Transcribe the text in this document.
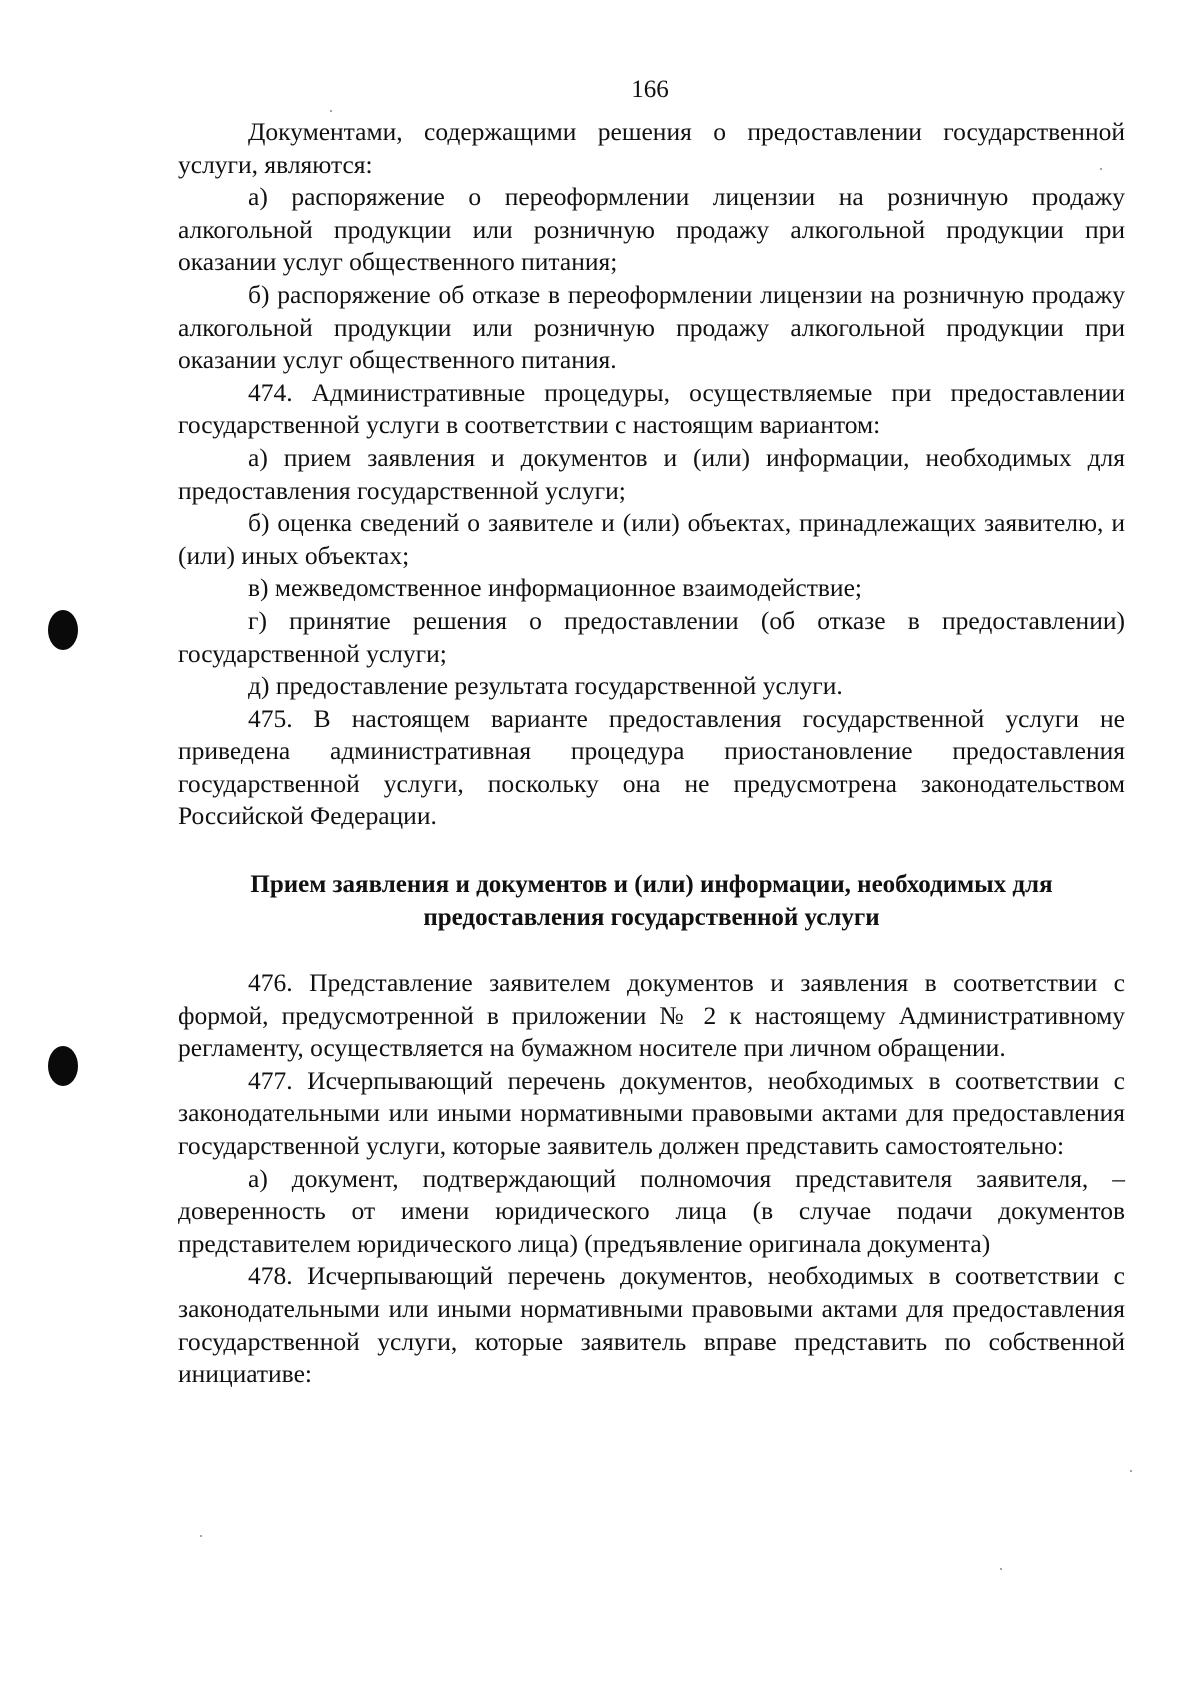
166

Документами, содержащими решения о предоставлении государственной услуги, являются:

а) распоряжение о переоформлении лицензии на розничную продажу алкогольной продукции или розничную продажу алкогольной продукции при оказании услуг общественного питания;

б) распоряжение об отказе в переоформлении лицензии на розничную продажу алкогольной продукции или розничную продажу алкогольной продукции при оказании услуг общественного питания.

474. Административные процедуры, осуществляемые при предоставлении государственной услуги в соответствии с настоящим вариантом:

а) прием заявления и документов и (или) информации, необходимых для предоставления государственной услуги;

б) оценка сведений о заявителе и (или) объектах, принадлежащих заявителю, и (или) иных объектах;

в) межведомственное информационное взаимодействие;

г) принятие решения о предоставлении (об отказе в предоставлении) государственной услуги;

д) предоставление результата государственной услуги.

475. В настоящем варианте предоставления государственной услуги не приведена административная процедура приостановление предоставления государственной услуги, поскольку она не предусмотрена законодательством Российской Федерации.

Прием заявления и документов и (или) информации, необходимых для
предоставления государственной услуги

476. Представление заявителем документов и заявления в соответствии с формой, предусмотренной в приложении № 2 к настоящему Административному регламенту, осуществляется на бумажном носителе при личном обращении.

477. Исчерпывающий перечень документов, необходимых в соответствии с законодательными или иными нормативными правовыми актами для предоставления государственной услуги, которые заявитель должен представить самостоятельно:

а) документ, подтверждающий полномочия представителя заявителя, – доверенность от имени юридического лица (в случае подачи документов представителем юридического лица) (предъявление оригинала документа)

478. Исчерпывающий перечень документов, необходимых в соответствии с законодательными или иными нормативными правовыми актами для предоставления государственной услуги, которые заявитель вправе представить по собственной инициативе:
